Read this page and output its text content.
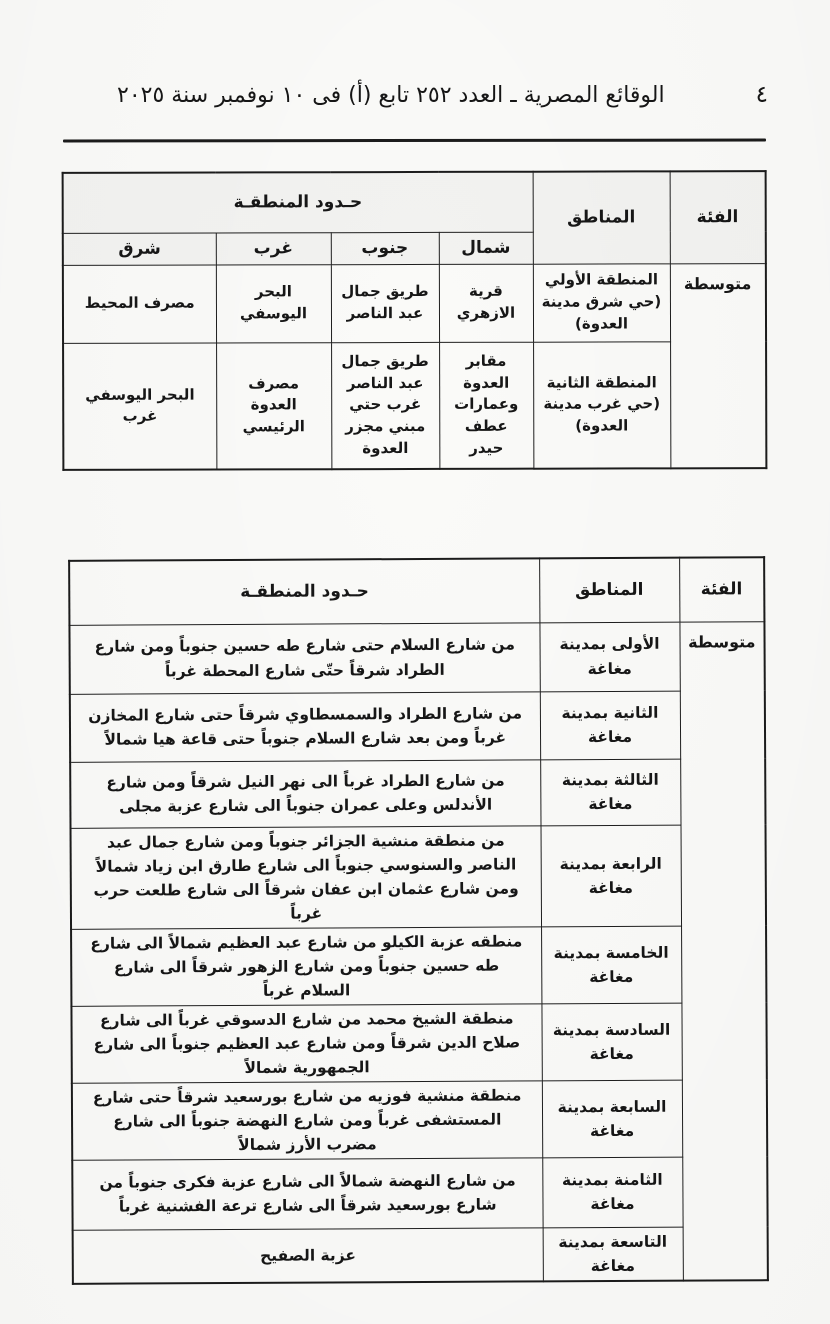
٤
الوقائع المصرية ـ العدد ٢٥٢ تابع (أ) فى ١٠ نوفمبر سنة ٢٠٢٥
الفئة	المناطق	حـدود المنطقـة			
		شمال	جنوب	غرب	شرق
متوسطة	المنطقة الأولي (حي شرق مدينة العدوة)	قرية الازهري	طريق جمال عبد الناصر	البحر اليوسفي	مصرف المحيط
	المنطقة الثانية (حي غرب مدينة العدوة)	مقابر العدوة وعمارات عطف حيدر	طريق جمال عبد الناصر غرب حتي مبني مجزر العدوة	مصرف العدوة الرئيسي	البحر اليوسفي غرب
الفئة	المناطق	حـدود المنطقـة
متوسطة	الأولى بمدينة مغاغة	من شارع السلام حتى شارع طه حسين جنوباً ومن شارع الطراد شرقاً حتّى شارع المحطة غرباً
	الثانية بمدينة مغاغة	من شارع الطراد والسمسطاوي شرقاً حتى شارع المخازن غرباً ومن بعد شارع السلام جنوباً حتى قاعة هيا شمالاً
	الثالثة بمدينة مغاغة	من شارع الطراد غرباً الى نهر النيل شرقاً ومن شارع الأندلس وعلى عمران جنوباً الى شارع عزبة مجلى
	الرابعة بمدينة مغاغة	من منطقة منشية الجزائر جنوباً ومن شارع جمال عبد الناصر والسنوسي جنوباً الى شارع طارق ابن زياد شمالاً ومن شارع عثمان ابن عفان شرقاً الى شارع طلعت حرب غرباً
	الخامسة بمدينة مغاغة	منطقه عزبة الكيلو من شارع عبد العظيم شمالاً الى شارع طه حسين جنوباً ومن شارع الزهور شرقاً الى شارع السلام غرباً
	السادسة بمدينة مغاغة	منطقة الشيخ محمد من شارع الدسوقي غرباً الى شارع صلاح الدين شرقاً ومن شارع عبد العظيم جنوباً الى شارع الجمهورية شمالاً
	السابعة بمدينة مغاغة	منطقة منشية فوزيه من شارع بورسعيد شرقاً حتى شارع المستشفى غرباً ومن شارع النهضة جنوباً الى شارع مضرب الأرز شمالاً
	الثامنة بمدينة مغاغة	من شارع النهضة شمالاً الى شارع عزبة فكرى جنوباً من شارع بورسعيد شرقاً الى شارع ترعة الفشنية غرباً
	التاسعة بمدينة مغاغة	عزبة الصفيح
